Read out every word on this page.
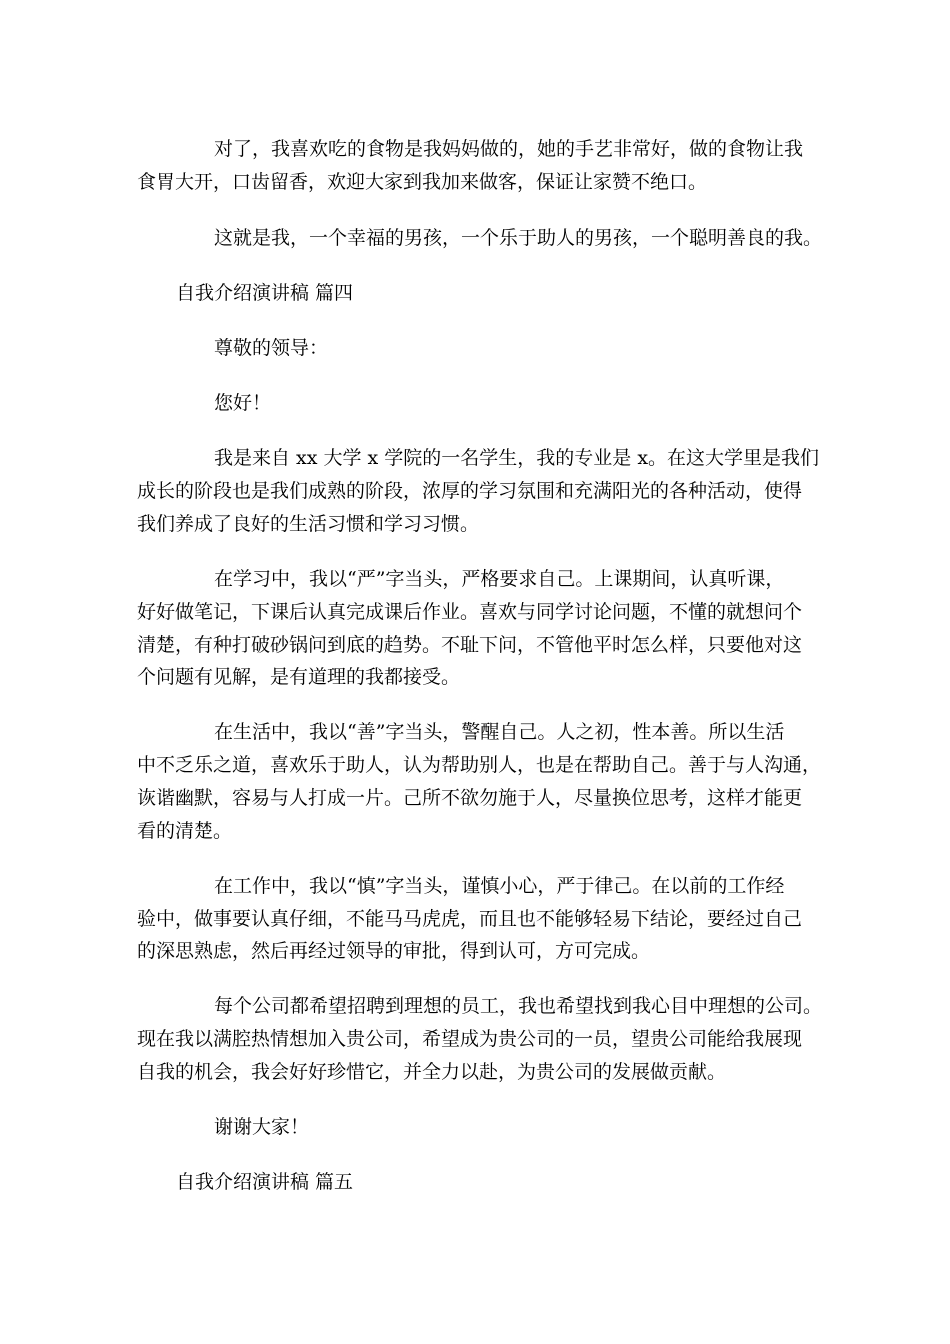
对了，我喜欢吃的食物是我妈妈做的，她的手艺非常好，做的食物让我
食胃大开，口齿留香，欢迎大家到我加来做客，保证让家赞不绝口。
这就是我，一个幸福的男孩，一个乐于助人的男孩，一个聪明善良的我。
自我介绍演讲稿 篇四
尊敬的领导：
您好！
我是来自 xx 大学 x 学院的一名学生，我的专业是 x。在这大学里是我们
成长的阶段也是我们成熟的阶段，浓厚的学习氛围和充满阳光的各种活动，使得
我们养成了良好的生活习惯和学习习惯。
在学习中，我以“严”字当头，严格要求自己。上课期间，认真听课，
好好做笔记，下课后认真完成课后作业。喜欢与同学讨论问题，不懂的就想问个
清楚，有种打破砂锅问到底的趋势。不耻下问，不管他平时怎么样，只要他对这
个问题有见解，是有道理的我都接受。
在生活中，我以“善”字当头，警醒自己。人之初，性本善。所以生活
中不乏乐之道，喜欢乐于助人，认为帮助别人，也是在帮助自己。善于与人沟通，
诙谐幽默，容易与人打成一片。己所不欲勿施于人，尽量换位思考，这样才能更
看的清楚。
在工作中，我以“慎”字当头，谨慎小心，严于律己。在以前的工作经
验中，做事要认真仔细，不能马马虎虎，而且也不能够轻易下结论，要经过自己
的深思熟虑，然后再经过领导的审批，得到认可，方可完成。
每个公司都希望招聘到理想的员工，我也希望找到我心目中理想的公司。
现在我以满腔热情想加入贵公司，希望成为贵公司的一员，望贵公司能给我展现
自我的机会，我会好好珍惜它，并全力以赴，为贵公司的发展做贡献。
谢谢大家！
自我介绍演讲稿 篇五
